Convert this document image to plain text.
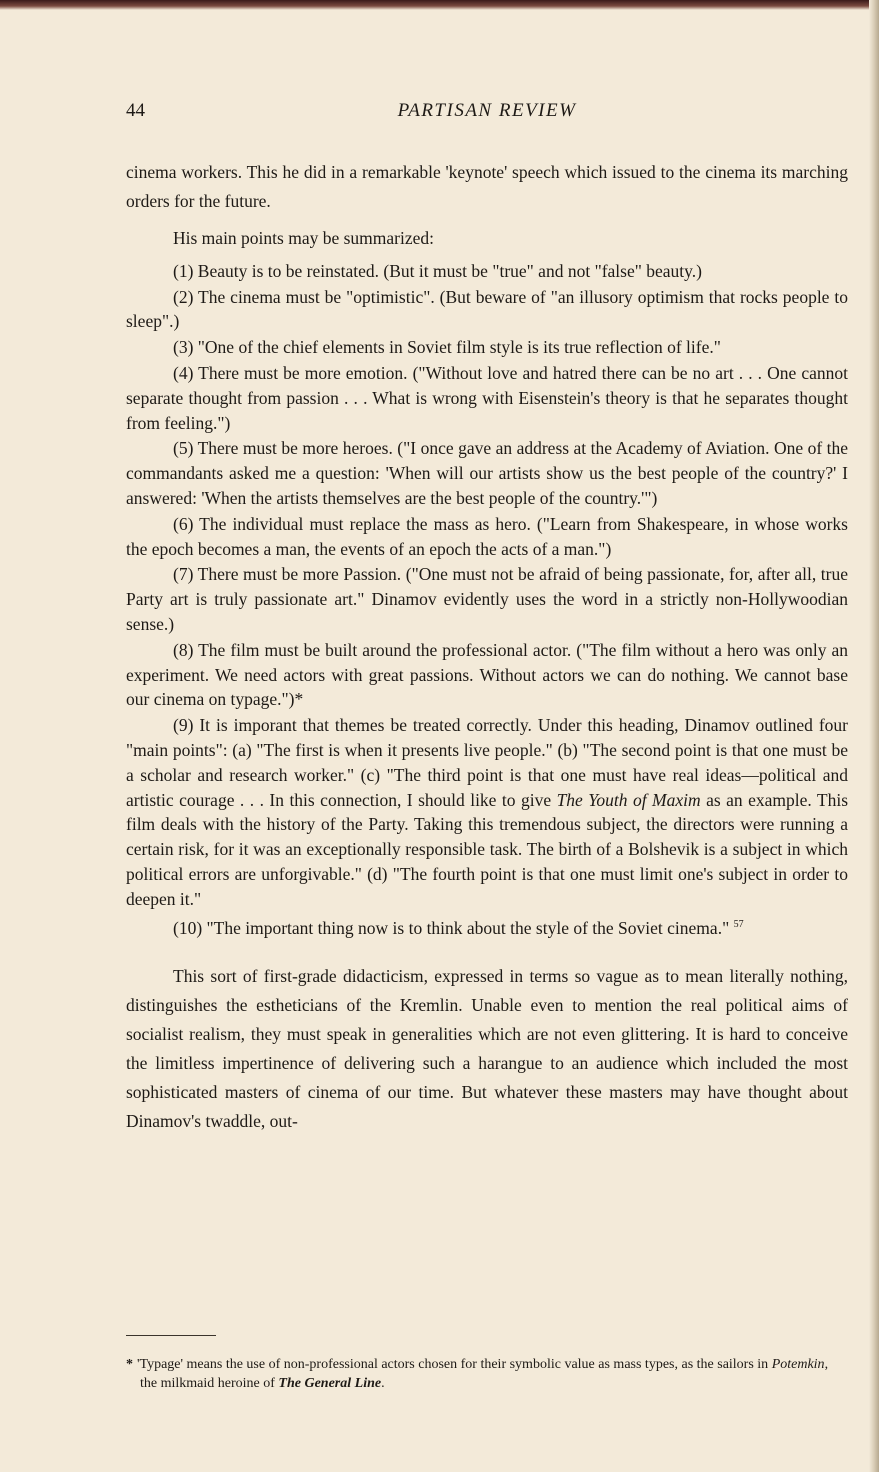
44	PARTISAN REVIEW

cinema workers. This he did in a remarkable 'keynote' speech which issued to the cinema its marching orders for the future.

His main points may be summarized:

(1) Beauty is to be reinstated. (But it must be "true" and not "false" beauty.)

(2) The cinema must be "optimistic". (But beware of "an illusory optimism that rocks people to sleep".)

(3) "One of the chief elements in Soviet film style is its true reflection of life."

(4) There must be more emotion. ("Without love and hatred there can be no art . . . One cannot separate thought from passion . . . What is wrong with Eisenstein's theory is that he separates thought from feeling.")

(5) There must be more heroes. ("I once gave an address at the Academy of Aviation. One of the commandants asked me a question: 'When will our artists show us the best people of the country?' I answered: 'When the artists themselves are the best people of the country.'")

(6) The individual must replace the mass as hero. ("Learn from Shakespeare, in whose works the epoch becomes a man, the events of an epoch the acts of a man.")

(7) There must be more Passion. ("One must not be afraid of being passionate, for, after all, true Party art is truly passionate art." Dinamov evidently uses the word in a strictly non-Hollywoodian sense.)

(8) The film must be built around the professional actor. ("The film without a hero was only an experiment. We need actors with great passions. Without actors we can do nothing. We cannot base our cinema on typage.")*

(9) It is imporant that themes be treated correctly. Under this heading, Dinamov outlined four "main points": (a) "The first is when it presents live people." (b) "The second point is that one must be a scholar and research worker." (c) "The third point is that one must have real ideas—political and artistic courage . . . In this connection, I should like to give The Youth of Maxim as an example. This film deals with the history of the Party. Taking this tremendous subject, the directors were running a certain risk, for it was an exceptionally responsible task. The birth of a Bolshevik is a subject in which political errors are unforgivable." (d) "The fourth point is that one must limit one's subject in order to deepen it."

(10) "The important thing now is to think about the style of the Soviet cinema." $^{57}$

This sort of first-grade didacticism, expressed in terms so vague as to mean literally nothing, distinguishes the estheticians of the Kremlin. Unable even to mention the real political aims of socialist realism, they must speak in generalities which are not even glittering. It is hard to conceive the limitless impertinence of delivering such a harangue to an audience which included the most sophisticated masters of cinema of our time. But whatever these masters may have thought about Dinamov's twaddle, out-

* 'Typage' means the use of non-professional actors chosen for their symbolic value as mass types, as the sailors in Potemkin, the milkmaid heroine of The General Line.
